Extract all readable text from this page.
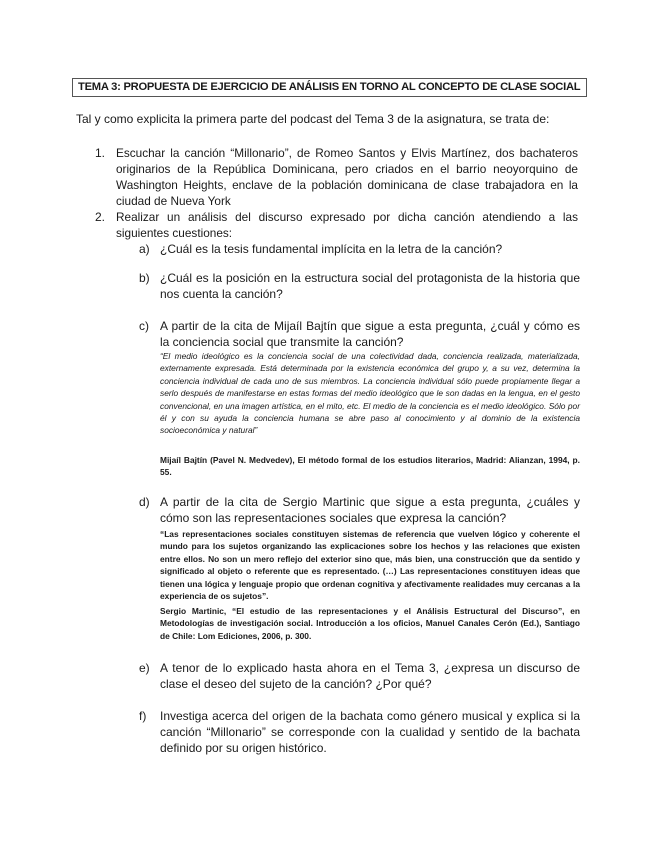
TEMA 3: PROPUESTA DE EJERCICIO DE ANÁLISIS EN TORNO AL CONCEPTO DE CLASE SOCIAL
Tal y como explicita la primera parte del podcast del Tema 3 de la asignatura, se trata de:
1. Escuchar la canción “Millonario”, de Romeo Santos y Elvis Martínez, dos bachateros originarios de la República Dominicana, pero criados en el barrio neoyorquino de Washington Heights, enclave de la población dominicana de clase trabajadora en la ciudad de Nueva York
2. Realizar un análisis del discurso expresado por dicha canción atendiendo a las siguientes cuestiones:
a) ¿Cuál es la tesis fundamental implícita en la letra de la canción?
b) ¿Cuál es la posición en la estructura social del protagonista de la historia que nos cuenta la canción?
c) A partir de la cita de Mijaíl Bajtín que sigue a esta pregunta, ¿cuál y cómo es la conciencia social que transmite la canción?
“El medio ideológico es la conciencia social de una colectividad dada, conciencia realizada, materializada, externamente expresada. Está determinada por la existencia económica del grupo y, a su vez, determina la conciencia individual de cada uno de sus miembros. La conciencia individual sólo puede propiamente llegar a serlo después de manifestarse en estas formas del medio ideológico que le son dadas en la lengua, en el gesto convencional, en una imagen artística, en el mito, etc. El medio de la conciencia es el medio ideológico. Sólo por él y con su ayuda la conciencia humana se abre paso al conocimiento y al dominio de la existencia socioeconómica y natural”
Mijaíl Bajtín (Pavel N. Medvedev), El método formal de los estudios literarios, Madrid: Alianzan, 1994, p. 55.
d) A partir de la cita de Sergio Martinic que sigue a esta pregunta, ¿cuáles y cómo son las representaciones sociales que expresa la canción?
“Las representaciones sociales constituyen sistemas de referencia que vuelven lógico y coherente el mundo para los sujetos organizando las explicaciones sobre los hechos y las relaciones que existen entre ellos. No son un mero reflejo del exterior sino que, más bien, una construcción que da sentido y significado al objeto o referente que es representado. (…) Las representaciones constituyen ideas que tienen una lógica y lenguaje propio que ordenan cognitiva y afectivamente realidades muy cercanas a la experiencia de os sujetos”.
Sergio Martinic, “El estudio de las representaciones y el Análisis Estructural del Discurso”, en Metodologías de investigación social. Introducción a los oficios, Manuel Canales Cerón (Ed.), Santiago de Chile: Lom Ediciones, 2006, p. 300.
e) A tenor de lo explicado hasta ahora en el Tema 3, ¿expresa un discurso de clase el deseo del sujeto de la canción? ¿Por qué?
f) Investiga acerca del origen de la bachata como género musical y explica si la canción “Millonario” se corresponde con la cualidad y sentido de la bachata definido por su origen histórico.
